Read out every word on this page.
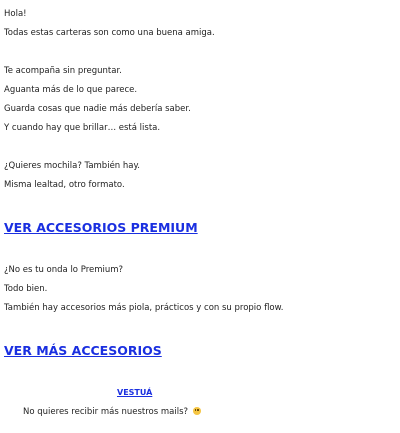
Hola!

Todas estas carteras son como una buena amiga.

Te acompaña sin preguntar.

Aguanta más de lo que parece.

Guarda cosas que nadie más debería saber.

Y cuando hay que brillar… está lista.

¿Quieres mochila? También hay.

Misma lealtad, otro formato.

VER ACCESORIOS PREMIUM

¿No es tu onda lo Premium?

Todo bien.

También hay accesorios más piola, prácticos y con su propio flow.

VER MÁS ACCESORIOS
VESTUÁ
No quieres recibir más nuestros mails?
